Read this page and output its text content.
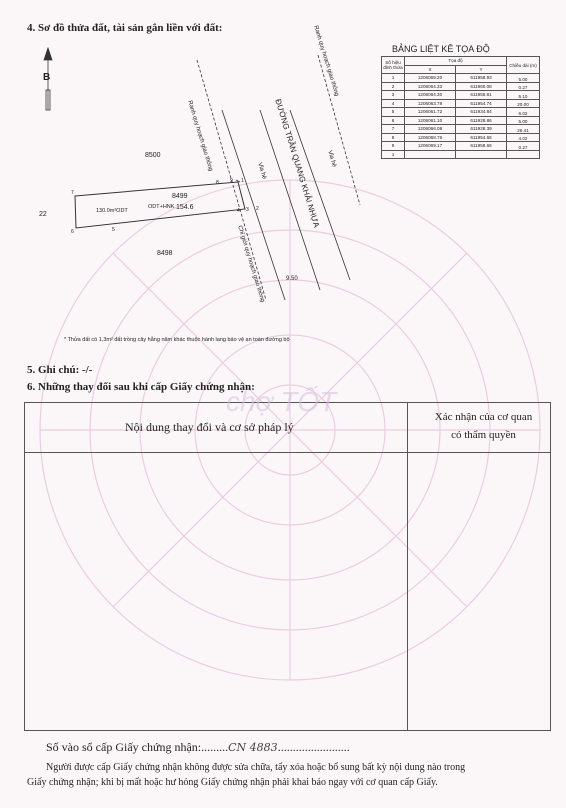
4. Sơ đồ thửa đất, tài sản gắn liền với đất:
B
Ranh quy hoạch giao thông
Ranh quy hoạch giao thông
ĐƯỜNG TRẦN QUANG KHẢI NHỰA
Vỉa hè
Vỉa hè
Chỉ giới quy hoạch giao thông
8500
8498
22
8499
ODT+HNK 154.6
130.0m²ODT
9.50
7
6	5
8 9 1
4 3 2
* Thửa đất có 1,3m² đất trồng cây hằng năm khác thuộc hành lang bảo vệ an toàn đường bộ
BẢNG LIỆT KÊ TỌA ĐỘ
Số hiệu đỉnh thửa	Tọa độ		Chiều dài (m)
	X	Y	
1	1206069.20	611958.93	5.00
2	1206064.33	611960.08	0.27
3	1206064.30	611959.81	5.10
4	1206063.78	611954.74	20.00
5	1206061.72	611934.84	6.02
6	1206061.10	611928.86	5.00
7	1206066.08	611928.39	26.41
8	1206068.76	611954.66	4.02
9	1206069.17	611958.66	0.27
1			
5. Ghi chú: -/-
6. Những thay đổi sau khi cấp Giấy chứng nhận:
Nội dung thay đổi và cơ sở pháp lý
Xác nhận của cơ quan
có thẩm quyền
chợ TỐT
Số vào sổ cấp Giấy chứng nhận:.........CN 4883........................
Người được cấp Giấy chứng nhận không được sửa chữa, tẩy xóa hoặc bổ sung bất kỳ nội dung nào trong
Giấy chứng nhận; khi bị mất hoặc hư hỏng Giấy chứng nhận phải khai báo ngay với cơ quan cấp Giấy.
